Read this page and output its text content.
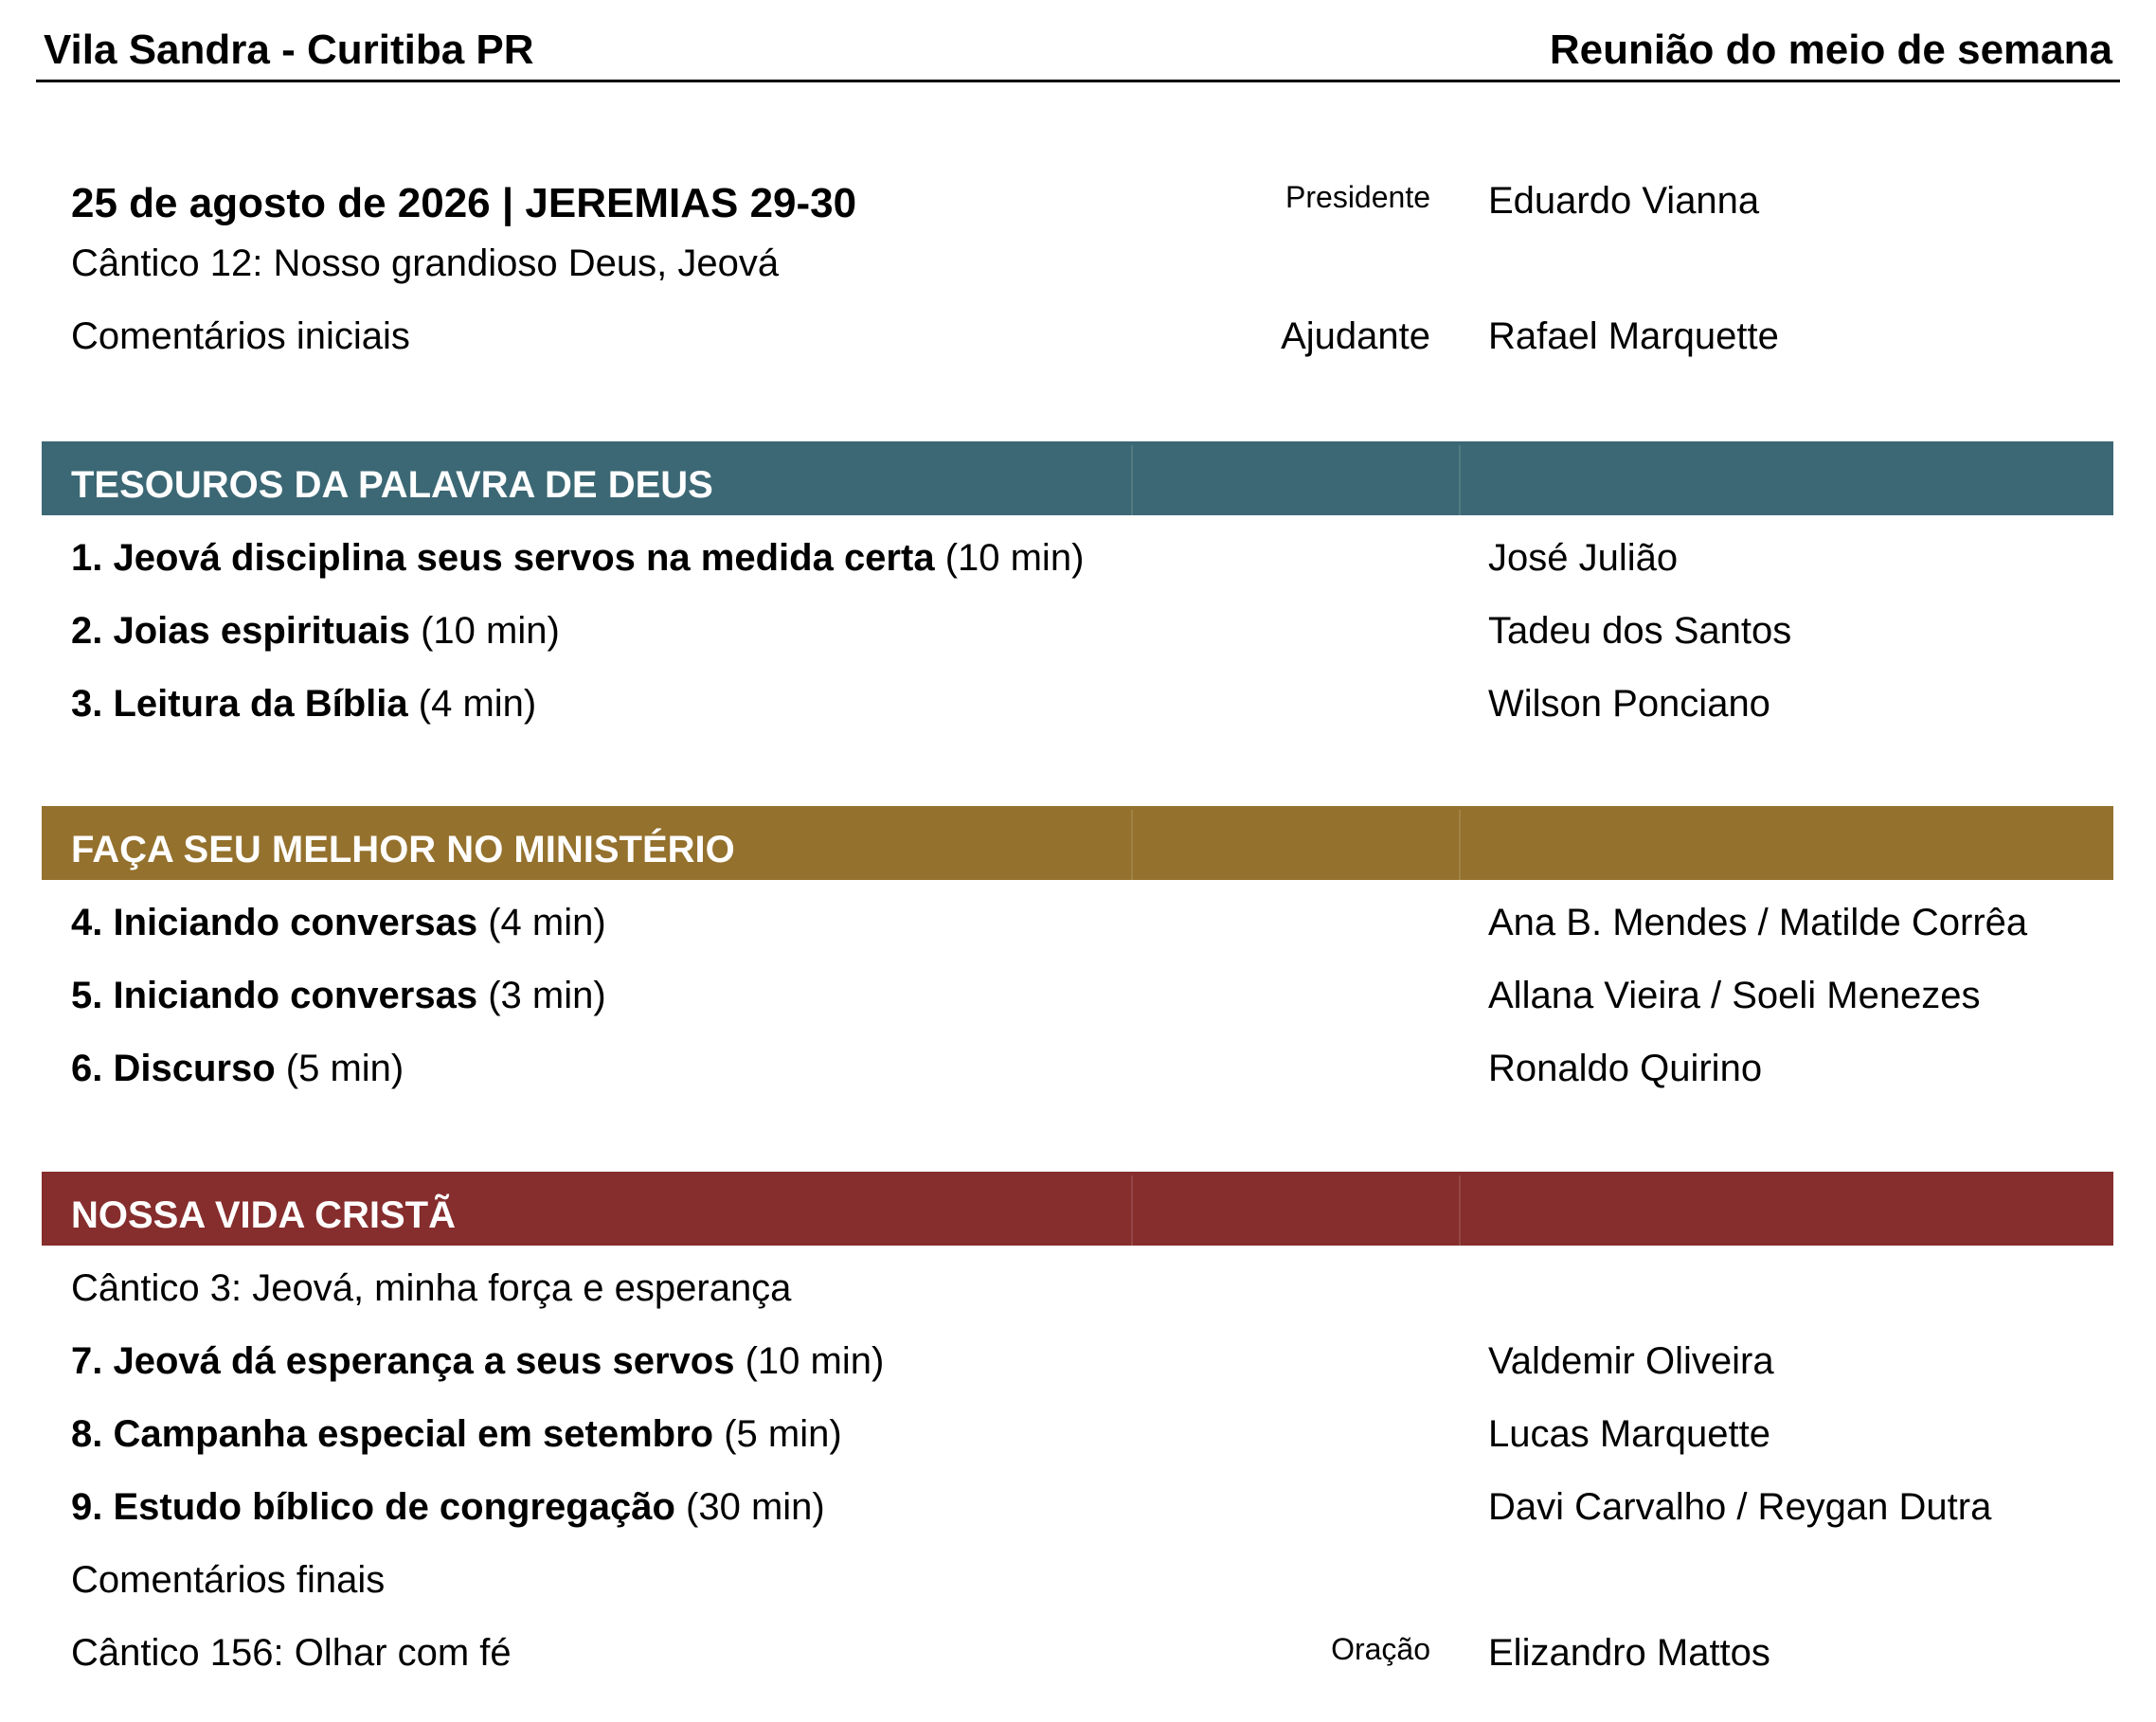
Vila Sandra - Curitiba PR	Reunião do meio de semana
25 de agosto de 2026 | JEREMIAS 29-30	Presidente Eduardo Vianna
Cântico 12: Nosso grandioso Deus, Jeová
Comentários iniciais	Ajudante Rafael Marquette
TESOUROS DA PALAVRA DE DEUS
1. Jeová disciplina seus servos na medida certa (10 min)	José Julião
2. Joias espirituais (10 min)	Tadeu dos Santos
3. Leitura da Bíblia (4 min)	Wilson Ponciano
FAÇA SEU MELHOR NO MINISTÉRIO
4. Iniciando conversas (4 min)	Ana B. Mendes / Matilde Corrêa
5. Iniciando conversas (3 min)	Allana Vieira / Soeli Menezes
6. Discurso (5 min)	Ronaldo Quirino
NOSSA VIDA CRISTÃ
Cântico 3: Jeová, minha força e esperança
7. Jeová dá esperança a seus servos (10 min)	Valdemir Oliveira
8. Campanha especial em setembro (5 min)	Lucas Marquette
9. Estudo bíblico de congregação (30 min)	Davi Carvalho / Reygan Dutra
Comentários finais
Cântico 156: Olhar com fé	Oração Elizandro Mattos
